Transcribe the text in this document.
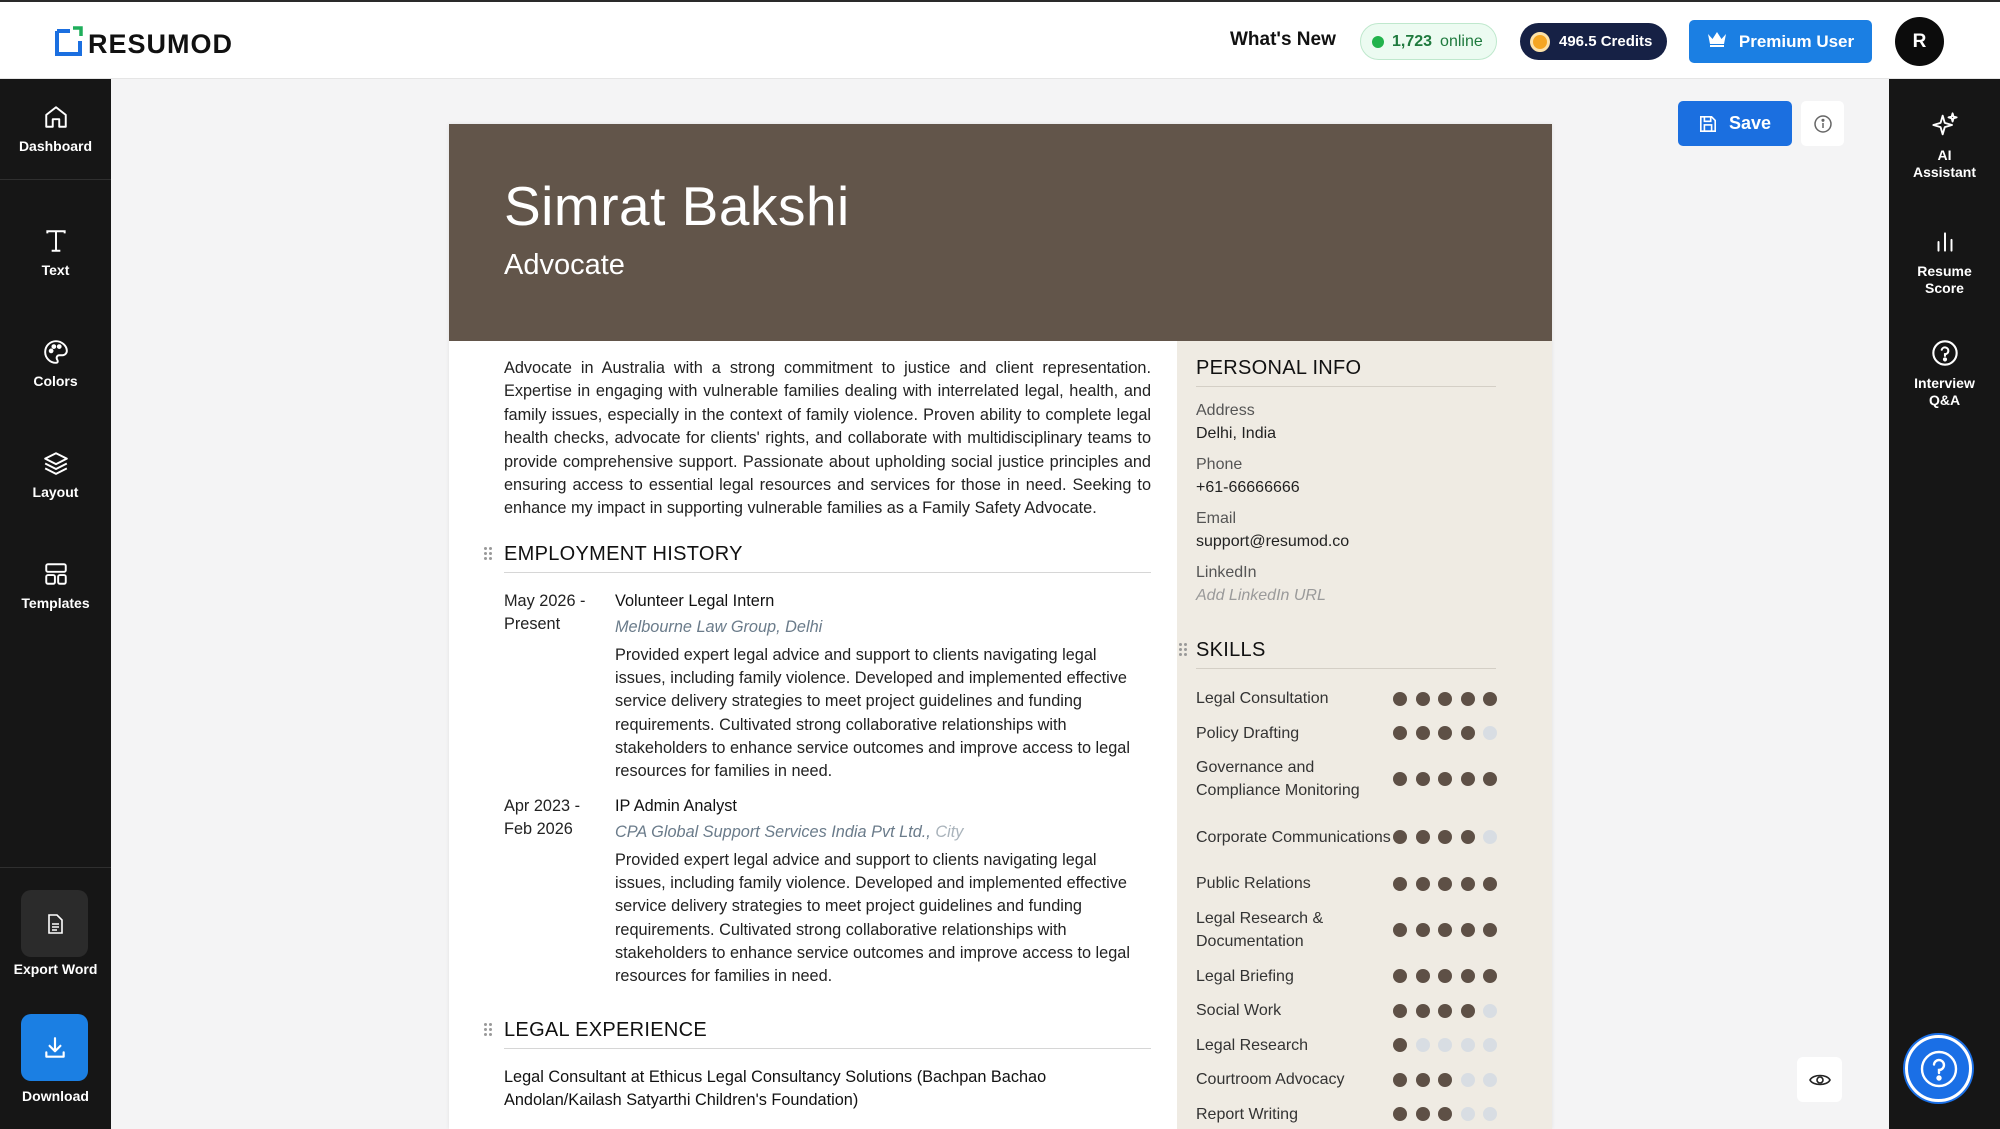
RESUMOD	What's New	1,723 online	496.5 Credits	Premium User	R
Dashboard
Text
Colors
Layout
Templates
Export Word
Download
AI Assistant
Resume Score
Interview Q&A
Save
Simrat Bakshi
Advocate

Advocate in Australia with a strong commitment to justice and client representation. Expertise in engaging with vulnerable families dealing with interrelated legal, health, and family issues, especially in the context of family violence. Proven ability to complete legal health checks, advocate for clients' rights, and collaborate with multidisciplinary teams to provide comprehensive support. Passionate about upholding social justice principles and ensuring access to essential legal resources and services for those in need. Seeking to enhance my impact in supporting vulnerable families as a Family Safety Advocate.

EMPLOYMENT HISTORY
May 2026 -
Present
Volunteer Legal Intern
Melbourne Law Group, Delhi
Provided expert legal advice and support to clients navigating legal issues, including family violence. Developed and implemented effective service delivery strategies to meet project guidelines and funding requirements. Cultivated strong collaborative relationships with stakeholders to enhance service outcomes and improve access to legal resources for families in need.
Apr 2023 -
Feb 2026
IP Admin Analyst
CPA Global Support Services India Pvt Ltd., City
Provided expert legal advice and support to clients navigating legal issues, including family violence. Developed and implemented effective service delivery strategies to meet project guidelines and funding requirements. Cultivated strong collaborative relationships with stakeholders to enhance service outcomes and improve access to legal resources for families in need.
LEGAL EXPERIENCE
Legal Consultant at Ethicus Legal Consultancy Solutions (Bachpan Bachao
Andolan/Kailash Satyarthi Children's Foundation)
PERSONAL INFO
Address
Delhi, India
Phone
+61-66666666
Email
support@resumod.co
LinkedIn
Add LinkedIn URL
SKILLS
Legal Consultation
Policy Drafting
Governance and Compliance Monitoring
Corporate Communications
Public Relations
Legal Research & Documentation
Legal Briefing
Social Work
Legal Research
Courtroom Advocacy
Report Writing
